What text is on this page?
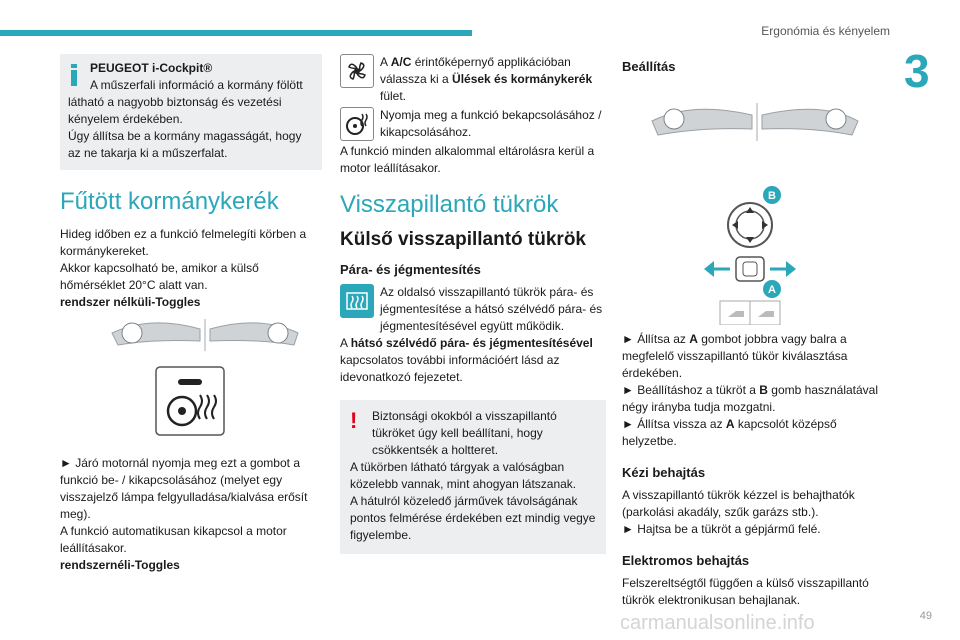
Ergonómia és kényelem
3
49
carmanualsonline.info
PEUGEOT i-Cockpit®
A műszerfali információ a kormány fölött
látható a nagyobb biztonság és vezetési kényelem érdekében.
Úgy állítsa be a kormány magasságát, hogy az ne takarja ki a műszerfalat.
Fűtött kormánykerék

Hideg időben ez a funkció felmelegíti körben a kormánykereket.

Akkor kapcsolható be, amikor a külső hőmérséklet 20°C alatt van.

rendszer nélküli-Toggles

► Járó motornál nyomja meg ezt a gombot a funkció be- / kikapcsolásához (melyet egy visszajelző lámpa felgyulladása/kialvása erősít meg).

A funkció automatikusan kikapcsol a motor leállításakor.

rendszernéli-Toggles

A A/C érintőképernyő applikációban válassza ki a Ülések és kormánykerék fület.

Nyomja meg a funkció bekapcsolásához / kikapcsolásához.

A funkció minden alkalommal eltárolásra kerül a motor leállításakor.

Visszapillantó tükrök
Külső visszapillantó tükrök
Pára- és jégmentesítés

Az oldalsó visszapillantó tükrök pára- és jégmentesítése a hátsó szélvédő pára- és jégmentesítésével együtt működik.

A hátsó szélvédő pára- és jégmentesítésével kapcsolatos további információért lásd az idevonatkozó fejezetet.

!	Biztonsági okokból a visszapillantó tükröket úgy kell beállítani, hogy csökkentsék a holtteret.

A tükörben látható tárgyak a valóságban közelebb vannak, mint ahogyan látszanak.

A hátulról közeledő járművek távolságának pontos felmérése érdekében ezt mindig vegye figyelembe.

Beállítás
B
A

► Állítsa az A gombot jobbra vagy balra a megfelelő visszapillantó tükör kiválasztása érdekében.

► Beállításhoz a tükröt a B gomb használatával négy irányba tudja mozgatni.

► Állítsa vissza az A kapcsolót középső helyzetbe.

Kézi behajtás

A visszapillantó tükrök kézzel is behajthatók (parkolási akadály, szűk garázs stb.).

► Hajtsa be a tükröt a gépjármű felé.

Elektromos behajtás

Felszereltségtől függően a külső visszapillantó tükrök elektronikusan behajlanak.
